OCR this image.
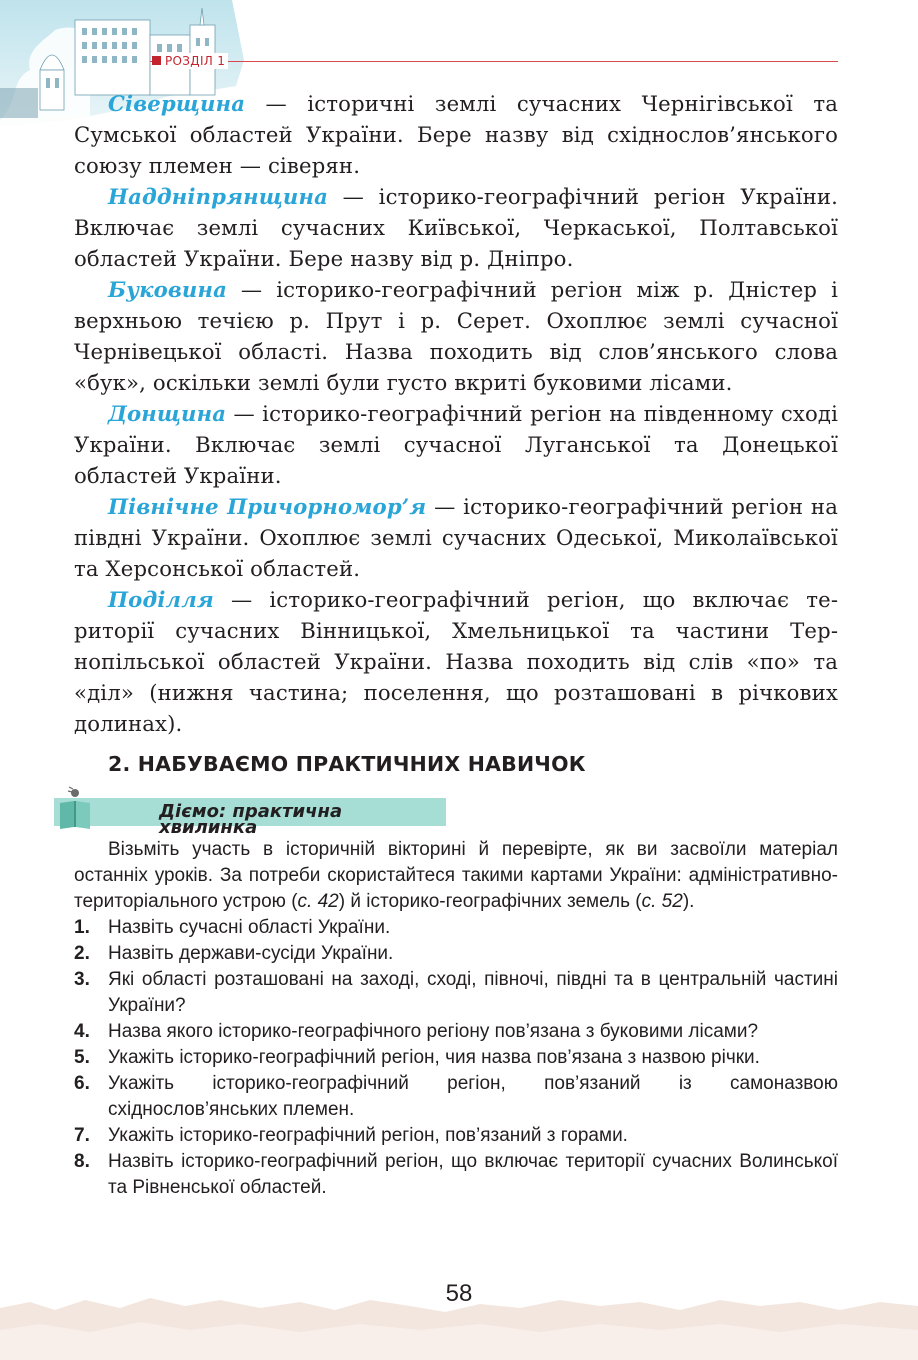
РОЗДІЛ 1

Сіверщина — історичні землі сучасних Чернігівської та Сумської областей України. Бере назву від східнослов’янського союзу племен — сіверян.

Наддніпрянщина — історико-географічний регіон України. Включає землі сучасних Київської, Черкаської, Полтавської областей України. Бере назву від р. Дніпро.

Буковина — історико-географічний регіон між р. Дністер і верхньою течією р. Прут і р. Серет. Охоплює землі сучасної Чернівецької області. Назва походить від слов’янського слова «бук», оскільки землі були густо вкриті буковими лісами.

Донщина — історико-географічний регіон на південному сході України. Включає землі сучасної Луганської та Донецької областей України.

Північне Причорномор’я — історико-географічний регіон на півдні України. Охоплює землі сучасних Одеської, Миколаївської та Херсонської областей.

Поділля — історико-географічний регіон, що включає території сучасних Вінницької, Хмельницької та частини Тернопільської областей України. Назва походить від слів «по» та «діл» (нижня частина; поселення, що розташовані в річкових долинах).

2. НАБУВАЄМО ПРАКТИЧНИХ НАВИЧОК
Діємо: практична хвилинка

Візьміть участь в історичній вікторині й перевірте, як ви засвоїли матеріал останніх уроків. За потреби скористайтеся такими картами України: адміністративно-територіального устрою (с. 42) й історико-географічних земель (с. 52).

1. Назвіть сучасні області України.
2. Назвіть держави-сусіди України.
3. Які області розташовані на заході, сході, півночі, півдні та в центральній частині України?
4. Назва якого історико-географічного регіону пов’язана з буковими лісами?
5. Укажіть історико-географічний регіон, чия назва пов’язана з назвою річки.
6. Укажіть історико-географічний регіон, пов’язаний із самоназвою східнослов’янських племен.
7. Укажіть історико-географічний регіон, пов’язаний з горами.
8. Назвіть історико-географічний регіон, що включає території сучасних Волинської та Рівненської областей.
58
